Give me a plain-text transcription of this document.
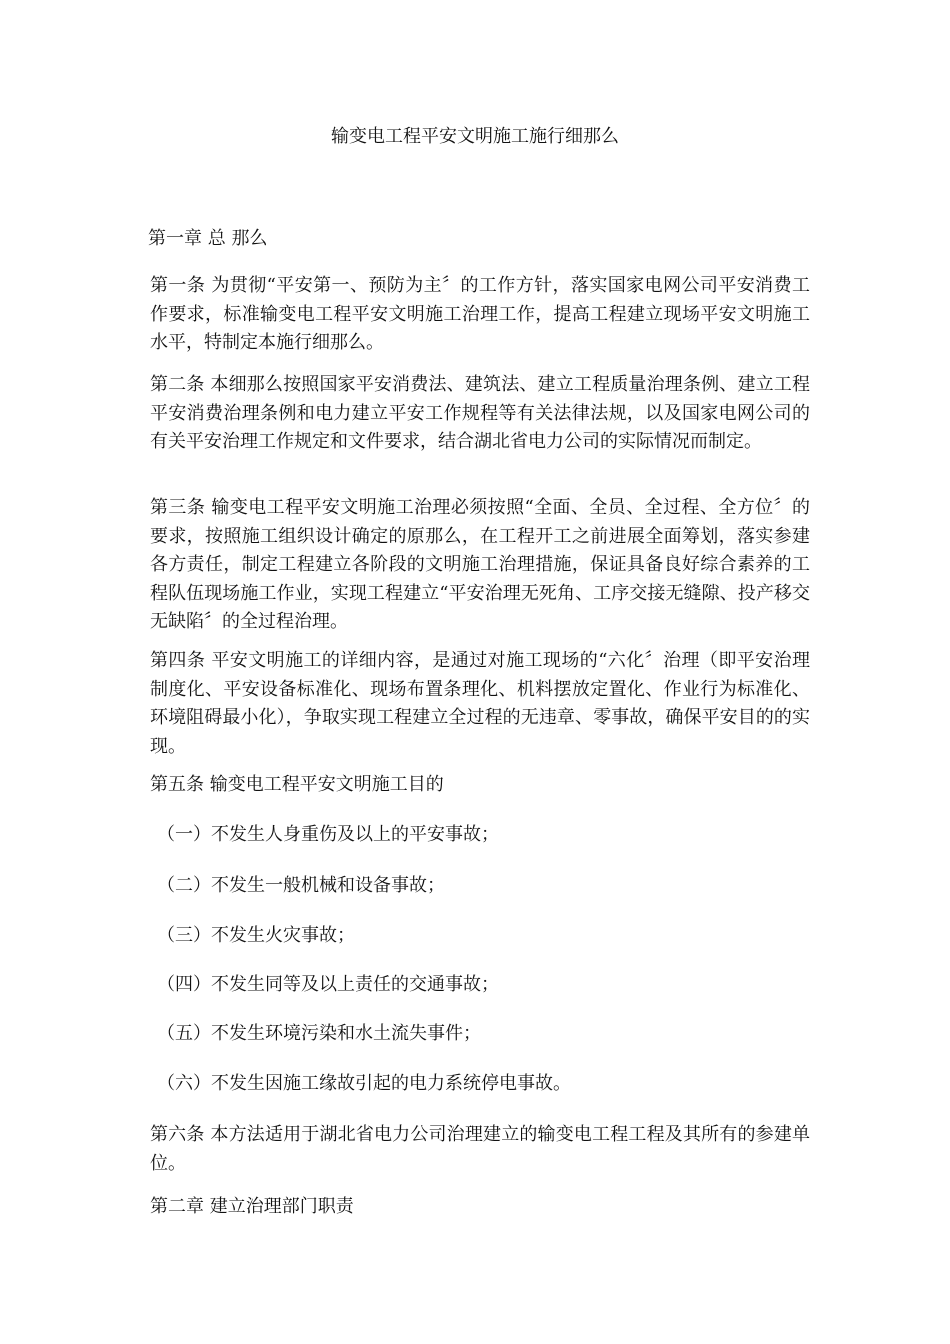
输变电工程平安文明施工施行细那么

第一章 总 那么

第一条 为贯彻“平安第一、预防为主〞的工作方针，落实国家电网公司平安消费工作要求，标准输变电工程平安文明施工治理工作，提高工程建立现场平安文明施工水平，特制定本施行细那么。

第二条 本细那么按照国家平安消费法、建筑法、建立工程质量治理条例、建立工程平安消费治理条例和电力建立平安工作规程等有关法律法规，以及国家电网公司的有关平安治理工作规定和文件要求，结合湖北省电力公司的实际情况而制定。

第三条 输变电工程平安文明施工治理必须按照“全面、全员、全过程、全方位〞的要求，按照施工组织设计确定的原那么，在工程开工之前进展全面筹划，落实参建各方责任，制定工程建立各阶段的文明施工治理措施，保证具备良好综合素养的工程队伍现场施工作业，实现工程建立“平安治理无死角、工序交接无缝隙、投产移交无缺陷〞的全过程治理。

第四条 平安文明施工的详细内容，是通过对施工现场的“六化〞治理（即平安治理制度化、平安设备标准化、现场布置条理化、机料摆放定置化、作业行为标准化、环境阻碍最小化），争取实现工程建立全过程的无违章、零事故，确保平安目的的实现。

第五条 输变电工程平安文明施工目的

（一）不发生人身重伤及以上的平安事故；

（二）不发生一般机械和设备事故；

（三）不发生火灾事故；

（四）不发生同等及以上责任的交通事故；

（五）不发生环境污染和水土流失事件；

（六）不发生因施工缘故引起的电力系统停电事故。

第六条 本方法适用于湖北省电力公司治理建立的输变电工程工程及其所有的参建单位。

第二章 建立治理部门职责
